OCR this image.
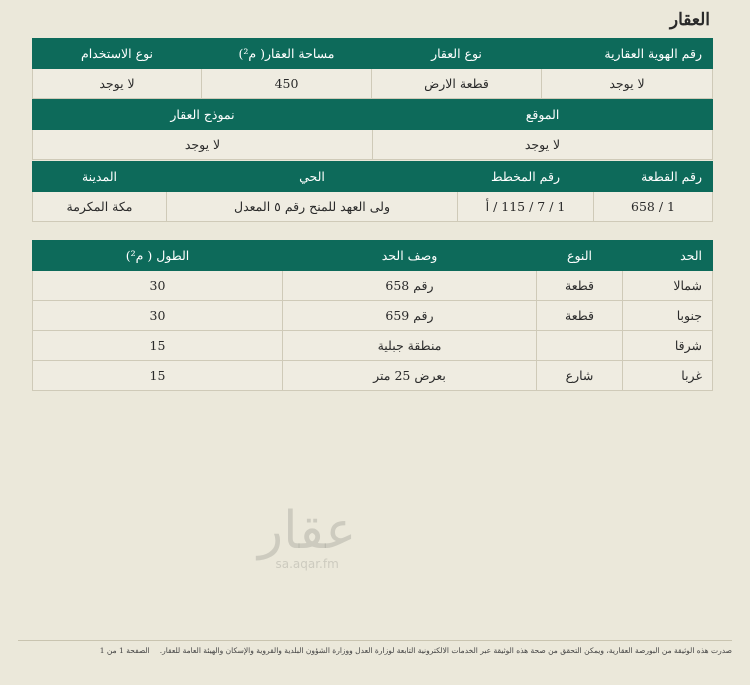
العقار
رقم الهوية العقارية	نوع العقار	مساحة العقار( م²)	نوع الاستخدام
لا يوجد	قطعة الارض	450	لا يوجد
الموقع	نموذج العقار
لا يوجد	لا يوجد
رقم القطعة	رقم المخطط	الحي	المدينة
1 / 658	1 / 7 / 115 / أ	ولى العهد للمنح رقم ٥ المعدل	مكة المكرمة
الحد	النوع	وصف الحد	الطول ( م²)
شمالا	قطعة	رقم 658	30
جنوبا	قطعة	رقم 659	30
شرقا		منطقة جبلية	15
غربا	شارع	بعرض 25 متر	15
عقار
sa.aqar.fm
صدرت هذه الوثيقة من البورصة العقارية، ويمكن التحقق من صحة هذه الوثيقة عبر الخدمات الالكترونية التابعة لوزارة العدل ووزارة الشؤون البلدية والقروية والإسكان والهيئة العامة للعقار.
الصفحة 1 من 1
